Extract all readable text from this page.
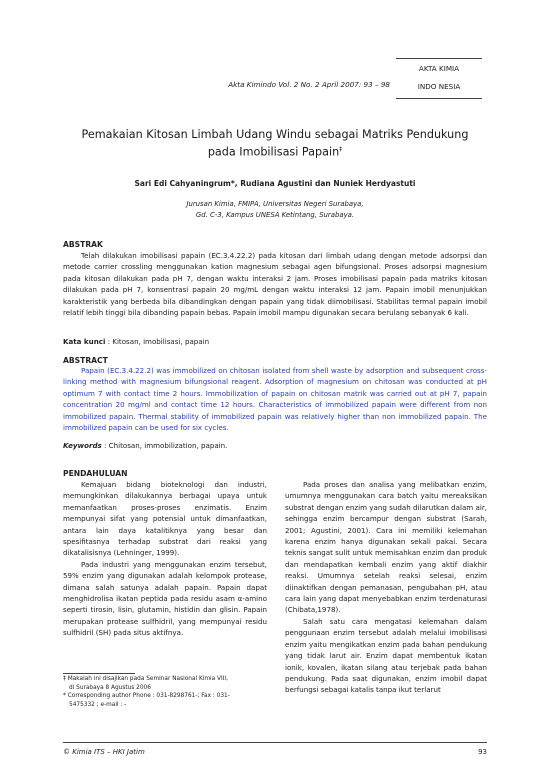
AKTA KIMIA
Akta Kimindo Vol. 2 No. 2 April 2007: 93 – 98	INDO NESIA
Pemakaian Kitosan Limbah Udang Windu sebagai Matriks Pendukung
pada Imobilisasi Papain‡
Sari Edi Cahyaningrum*, Rudiana Agustini dan Nuniek Herdyastuti
Jurusan Kimia, FMIPA, Universitas Negeri Surabaya,
Gd. C-3, Kampus UNESA Ketintang, Surabaya.
ABSTRAK
Telah dilakukan imobilisasi papain (EC.3.4.22.2) pada kitosan dari limbah udang dengan metode adsorpsi dan metode carrier crossling menggunakan kation magnesium sebagai agen bifungsional. Proses adsorpsi magnesium pada kitosan dilakukan pada pH 7, dengan waktu interaksi 2 jam. Proses imobilisasi papain pada matriks kitosan dilakukan pada pH 7, konsentrasi papain 20 mg/mL dengan waktu interaksi 12 jam. Papain imobil menunjukkan karakteristik yang berbeda bila dibandingkan dengan papain yang tidak diimobilisasi. Stabilitas termal papain imobil relatif lebih tinggi bila dibanding papain bebas. Papain imobil mampu digunakan secara berulang sebanyak 6 kali.
Kata kunci : Kitosan, imobilisasi, papain
ABSTRACT
Papain (EC.3.4.22.2) was immobilized on chitosan isolated from shell waste by adsorption and subsequent cross-linking method with magnesium bifungsional reagent. Adsorption of magnesium on chitosan was conducted at pH optimum 7 with contact time 2 hours. Immobilization of papain on chitosan matrik was carried out at pH 7, papain concentration 20 mg/ml and contact time 12 hours. Characteristics of immobilized papain were different from non immobilized papain. Thermal stability of immobilized papain was relatively higher than non immobilized papain. The immobilized papain can be used for six cycles.
Keywords : Chitosan, immobilization, papain.
PENDAHULUAN

Kemajuan bidang bioteknologi dan industri, memungkinkan dilakukannya berbagai upaya untuk memanfaatkan proses-proses enzimatis. Enzim mempunyai sifat yang potensial untuk dimanfaatkan, antara lain daya katalitiknya yang besar dan spesifitasnya terhadap substrat dari reaksi yang dikatalisisnya (Lehninger, 1999).

Pada industri yang menggunakan enzim tersebut, 59% enzim yang digunakan adalah kelompok protease, dimana salah satunya adalah papain. Papain dapat menghidrolisa ikatan peptida pada residu asam α-amino seperti tirosin, lisin, glutamin, histidin dan glisin. Papain merupakan protease sulfhidril, yang mempunyai residu sulfhidril (SH) pada situs aktifnya.

Pada proses dan analisa yang melibatkan enzim, umumnya menggunakan cara batch yaitu mereaksikan substrat dengan enzim yang sudah dilarutkan dalam air, sehingga enzim bercampur dengan substrat (Sarah, 2001; Agustini, 2001). Cara ini memiliki kelemahan karena enzim hanya digunakan sekali pakai. Secara teknis sangat sulit untuk memisahkan enzim dan produk dan mendapatkan kembali enzim yang aktif diakhir reaksi. Umumnya setelah reaksi selesai, enzim diinaktifkan dengan pemanasan, pengubahan pH, atau cara lain yang dapat menyebabkan enzim terdenaturasi (Chibata,1978).

Salah satu cara mengatasi kelemahan dalam penggunaan enzim tersebut adalah melalui imobilisasi enzim yaitu mengikatkan enzim pada bahan pendukung yang tidak larut air. Enzim dapat membentuk ikatan ionik, kovalen, ikatan silang atau terjebak pada bahan pendukung. Pada saat digunakan, enzim imobil dapat berfungsi sebagai katalis tanpa ikut terlarut

‡ Makalah ini disajikan pada Seminar Nasional Kimia VIII,
di Surabaya 8 Agustus 2006
* Corresponding author Phone : 031-8298761-; Fax : 031-
5475332 ; e-mail : -
© Kimia ITS – HKI Jatim	93
